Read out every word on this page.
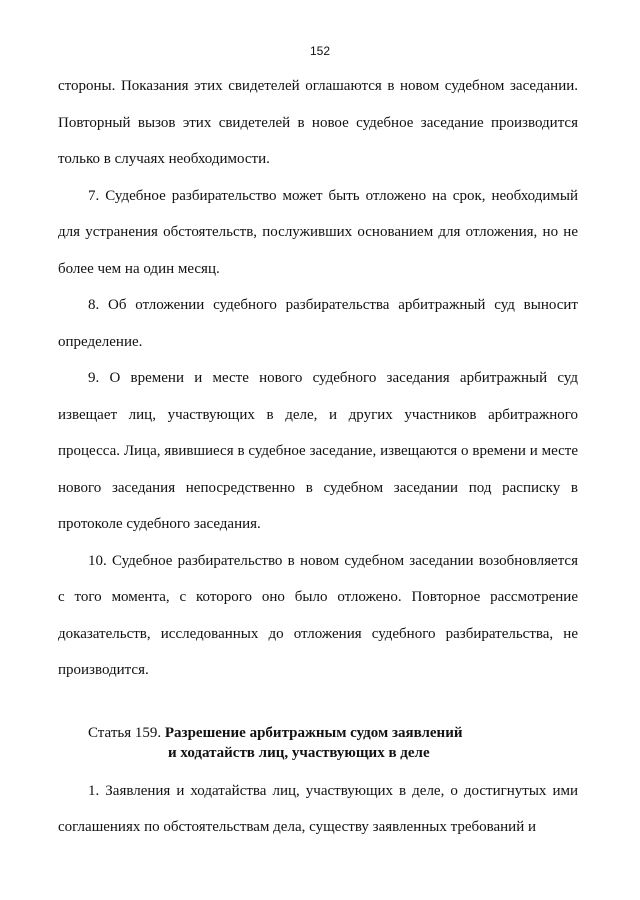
152

стороны. Показания этих свидетелей оглашаются в новом судебном заседании. Повторный вызов этих свидетелей в новое судебное заседание производится только в случаях необходимости.

7. Судебное разбирательство может быть отложено на срок, необходимый для устранения обстоятельств, послуживших основанием для отложения, но не более чем на один месяц.

8. Об отложении судебного разбирательства арбитражный суд выносит определение.

9. О времени и месте нового судебного заседания арбитражный суд извещает лиц, участвующих в деле, и других участников арбитражного процесса. Лица, явившиеся в судебное заседание, извещаются о времени и месте нового заседания непосредственно в судебном заседании под расписку в протоколе судебного заседания.

10. Судебное разбирательство в новом судебном заседании возобновляется с того момента, с которого оно было отложено. Повторное рассмотрение доказательств, исследованных до отложения судебного разбирательства, не производится.

Статья 159. Разрешение арбитражным судом заявлений
и ходатайств лиц, участвующих в деле

1. Заявления и ходатайства лиц, участвующих в деле, о достигнутых ими соглашениях по обстоятельствам дела, существу заявленных требований и
